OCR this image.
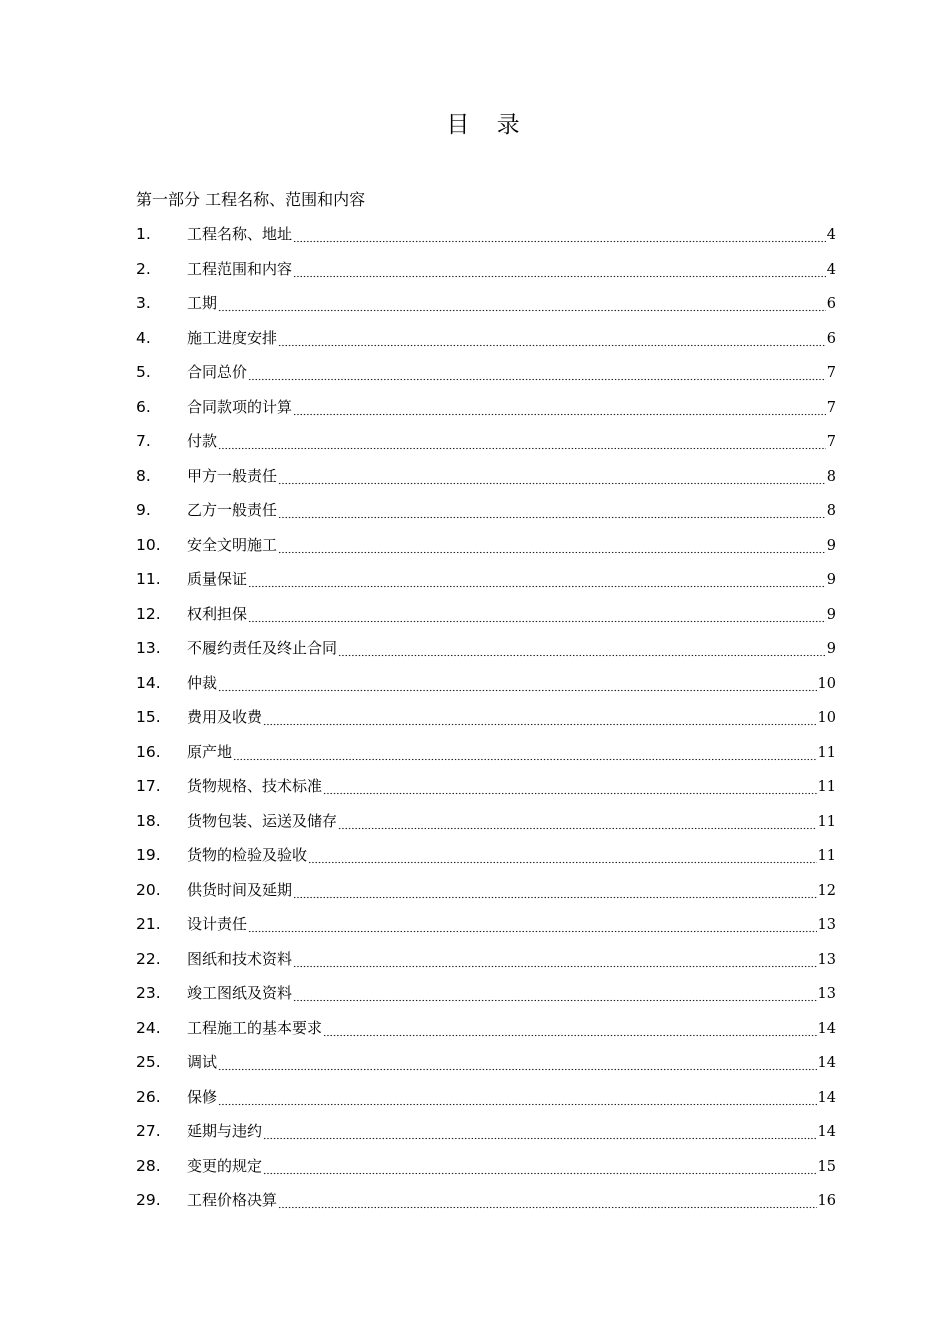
目 录
第一部分 工程名称、范围和内容
1.	工程名称、地址	4
2.	工程范围和内容	4
3.	工期	6
4.	施工进度安排	6
5.	合同总价	7
6.	合同款项的计算	7
7.	付款	7
8.	甲方一般责任	8
9.	乙方一般责任	8
10.	安全文明施工	9
11.	质量保证	9
12.	权利担保	9
13.	不履约责任及终止合同	9
14.	仲裁	10
15.	费用及收费	10
16.	原产地	11
17.	货物规格、技术标准	11
18.	货物包装、运送及储存	11
19.	货物的检验及验收	11
20.	供货时间及延期	12
21.	设计责任	13
22.	图纸和技术资料	13
23.	竣工图纸及资料	13
24.	工程施工的基本要求	14
25.	调试	14
26.	保修	14
27.	延期与违约	14
28.	变更的规定	15
29.	工程价格决算	16
